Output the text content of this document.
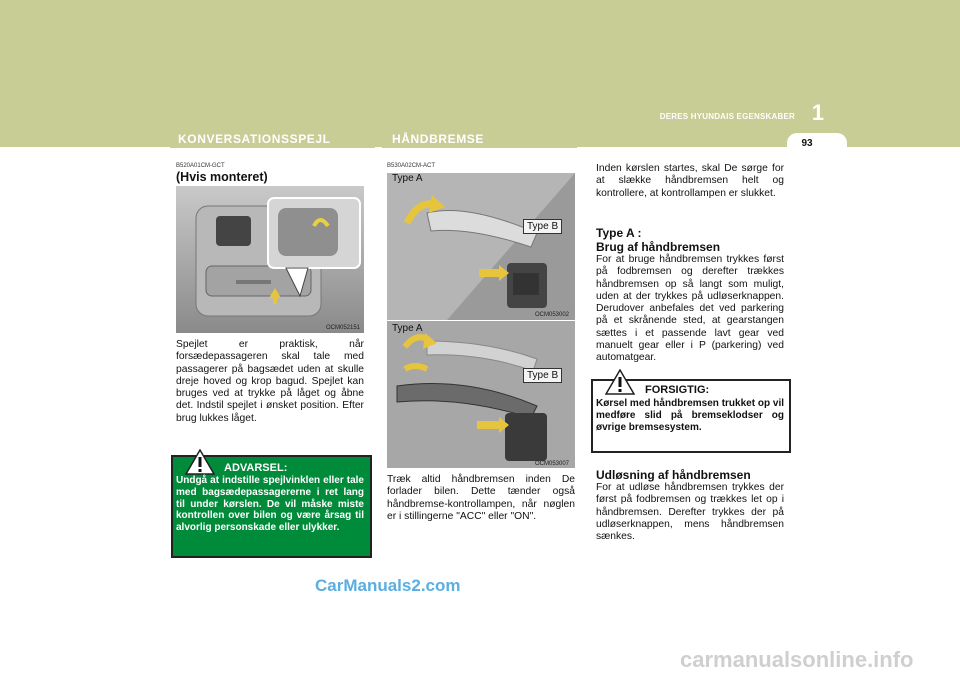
DERES HYUNDAIS EGENSKABER 1
93
KONVERSATIONSSPEJL	HÅNDBREMSE
B520A01CM-GCT
(Hvis monteret)
OCM052151

Spejlet er praktisk, når forsædepassageren skal tale med passagerer på bagsædet uden at skulle dreje hoved og krop bagud. Spejlet kan bruges ved at trykke på låget og åbne det. Indstil spejlet i ønsket position. Efter brug lukkes låget.

ADVARSEL:

Undgå at indstille spejlvinklen eller tale med bagsædepassagererne i ret lang til under kørslen. De vil måske miste kontrollen over bilen og være årsag til alvorlig personskade eller ulykker.

B530A02CM-ACT
Type A
Type B
OCM053002
Type A
Type B
OCM053007

Træk altid håndbremsen inden De forlader bilen. Dette tænder også håndbremse-kontrollampen, når nøglen er i stillingerne "ACC" eller "ON".

Inden kørslen startes, skal De sørge for at slække håndbremsen helt og kontrollere, at kontrollampen er slukket.

Type A :
Brug af håndbremsen

For at bruge håndbremsen trykkes først på fodbremsen og derefter trækkes håndbremsen op så langt som muligt, uden at der trykkes på udløserknappen. Derudover anbefales det ved parkering på et skrånende sted, at gearstangen sættes i et passende lavt gear ved manuelt gear eller i P (parkering) ved automatgear.

FORSIGTIG:

Kørsel med håndbremsen trukket op vil medføre slid på bremseklodser og øvrige bremsesystem.

Udløsning af håndbremsen

For at udløse håndbremsen trykkes der først på fodbremsen og trækkes let op i håndbremsen. Derefter trykkes der på udløserknappen, mens håndbremsen sænkes.

CarManuals2.com
carmanualsonline.info
